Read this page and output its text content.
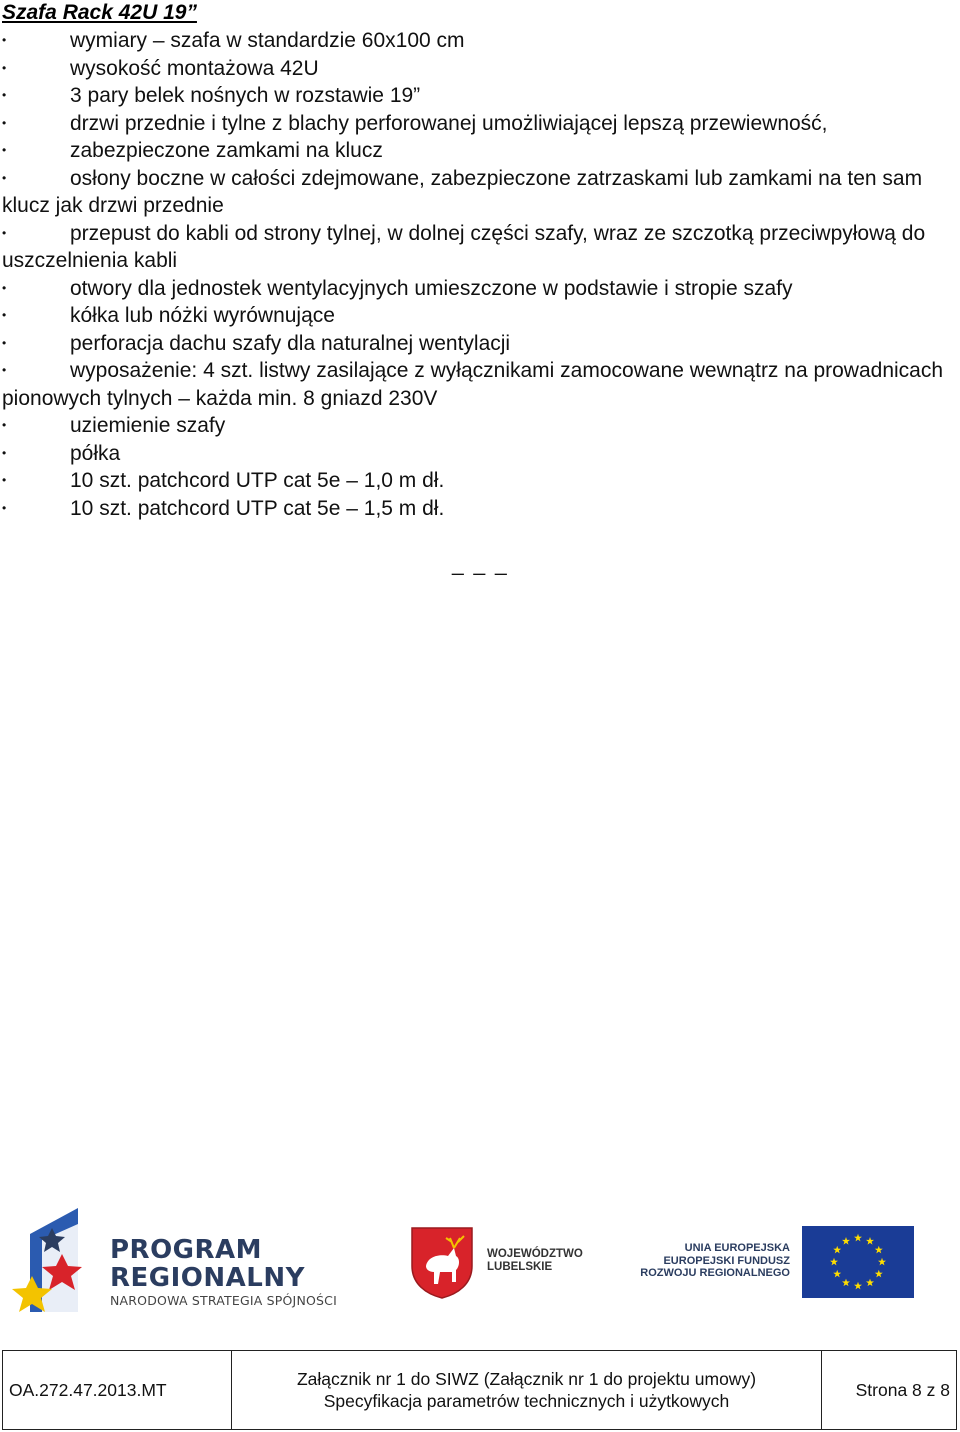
Szafa Rack 42U 19”
• wymiary – szafa w standardzie 60x100 cm
• wysokość montażowa 42U
• 3 pary belek nośnych w rozstawie 19”
• drzwi przednie i tylne z blachy perforowanej umożliwiającej lepszą przewiewność,
• zabezpieczone zamkami na klucz
• osłony boczne w całości zdejmowane, zabezpieczone zatrzaskami lub zamkami na ten sam klucz jak drzwi przednie
• przepust do kabli od strony tylnej, w dolnej części szafy, wraz ze szczotką przeciwpyłową do uszczelnienia kabli
• otwory dla jednostek wentylacyjnych umieszczone w podstawie i stropie szafy
• kółka lub nóżki wyrównujące
• perforacja dachu szafy dla naturalnej wentylacji
• wyposażenie: 4 szt. listwy zasilające z wyłącznikami zamocowane wewnątrz na prowadnicach pionowych tylnych – każda min. 8 gniazd 230V
• uziemienie szafy
• półka
• 10 szt. patchcord UTP cat 5e – 1,0 m dł.
• 10 szt. patchcord UTP cat 5e – 1,5 m dł.
_ _ _
PROGRAM
REGIONALNY
NARODOWA STRATEGIA SPÓJNOŚCI
WOJEWÓDZTWO
LUBELSKIE
UNIA EUROPEJSKA
EUROPEJSKI FUNDUSZ
ROZWOJU REGIONALNEGO
OA.272.47.2013.MT	
Załącznik nr 1 do SIWZ (Załącznik nr 1 do projektu umowy)
Specyfikacja parametrów technicznych i użytkowych
	Strona 8 z 8
